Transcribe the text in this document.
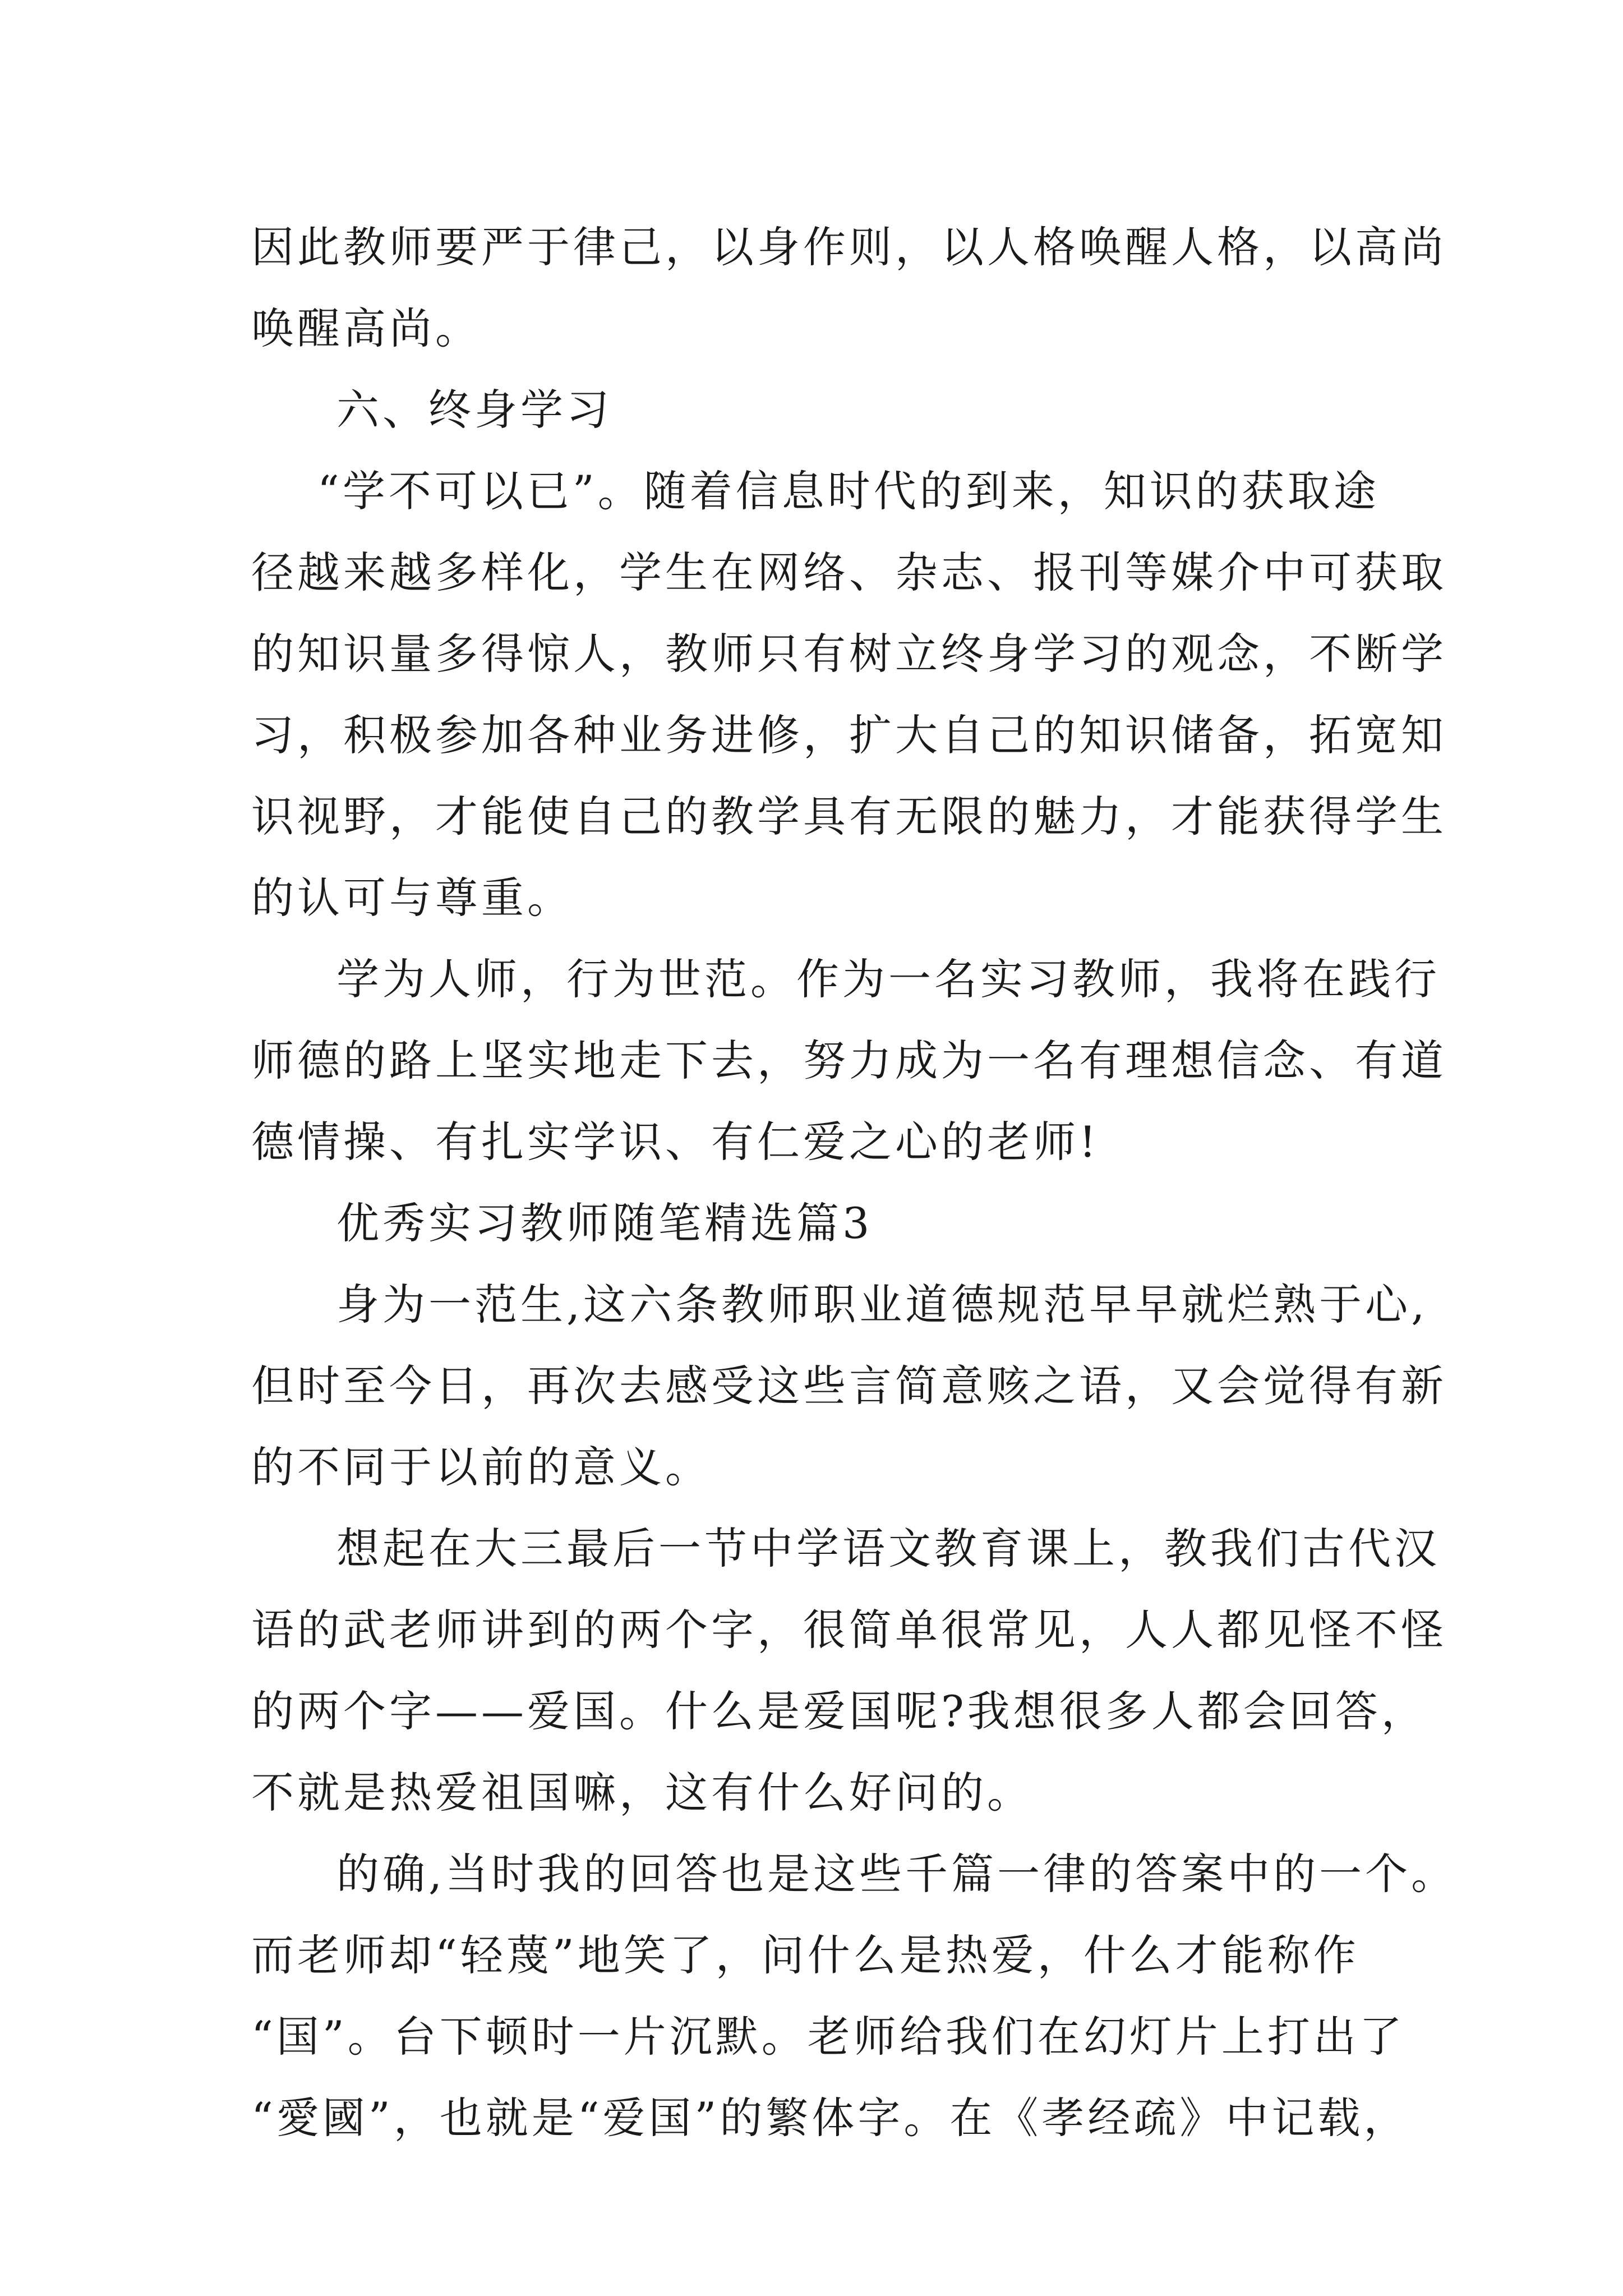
因此教师要严于律己，以身作则，以人格唤醒人格，以高尚
唤醒高尚。
六、终身学习
“学不可以已”。随着信息时代的到来，知识的获取途
径越来越多样化，学生在网络、杂志、报刊等媒介中可获取
的知识量多得惊人，教师只有树立终身学习的观念，不断学
习，积极参加各种业务进修，扩大自己的知识储备，拓宽知
识视野，才能使自己的教学具有无限的魅力，才能获得学生
的认可与尊重。
学为人师，行为世范。作为一名实习教师，我将在践行
师德的路上坚实地走下去，努力成为一名有理想信念、有道
德情操、有扎实学识、有仁爱之心的老师!
优秀实习教师随笔精选篇3
身为一范生,这六条教师职业道德规范早早就烂熟于心,
但时至今日，再次去感受这些言简意赅之语，又会觉得有新
的不同于以前的意义。
想起在大三最后一节中学语文教育课上，教我们古代汉
语的武老师讲到的两个字，很简单很常见，人人都见怪不怪
的两个字——爱国。什么是爱国呢?我想很多人都会回答，
不就是热爱祖国嘛，这有什么好问的。
的确,当时我的回答也是这些千篇一律的答案中的一个。
而老师却“轻蔑”地笑了，问什么是热爱，什么才能称作
“国”。台下顿时一片沉默。老师给我们在幻灯片上打出了
“愛國”，也就是“爱国”的繁体字。在《孝经疏》中记载，
